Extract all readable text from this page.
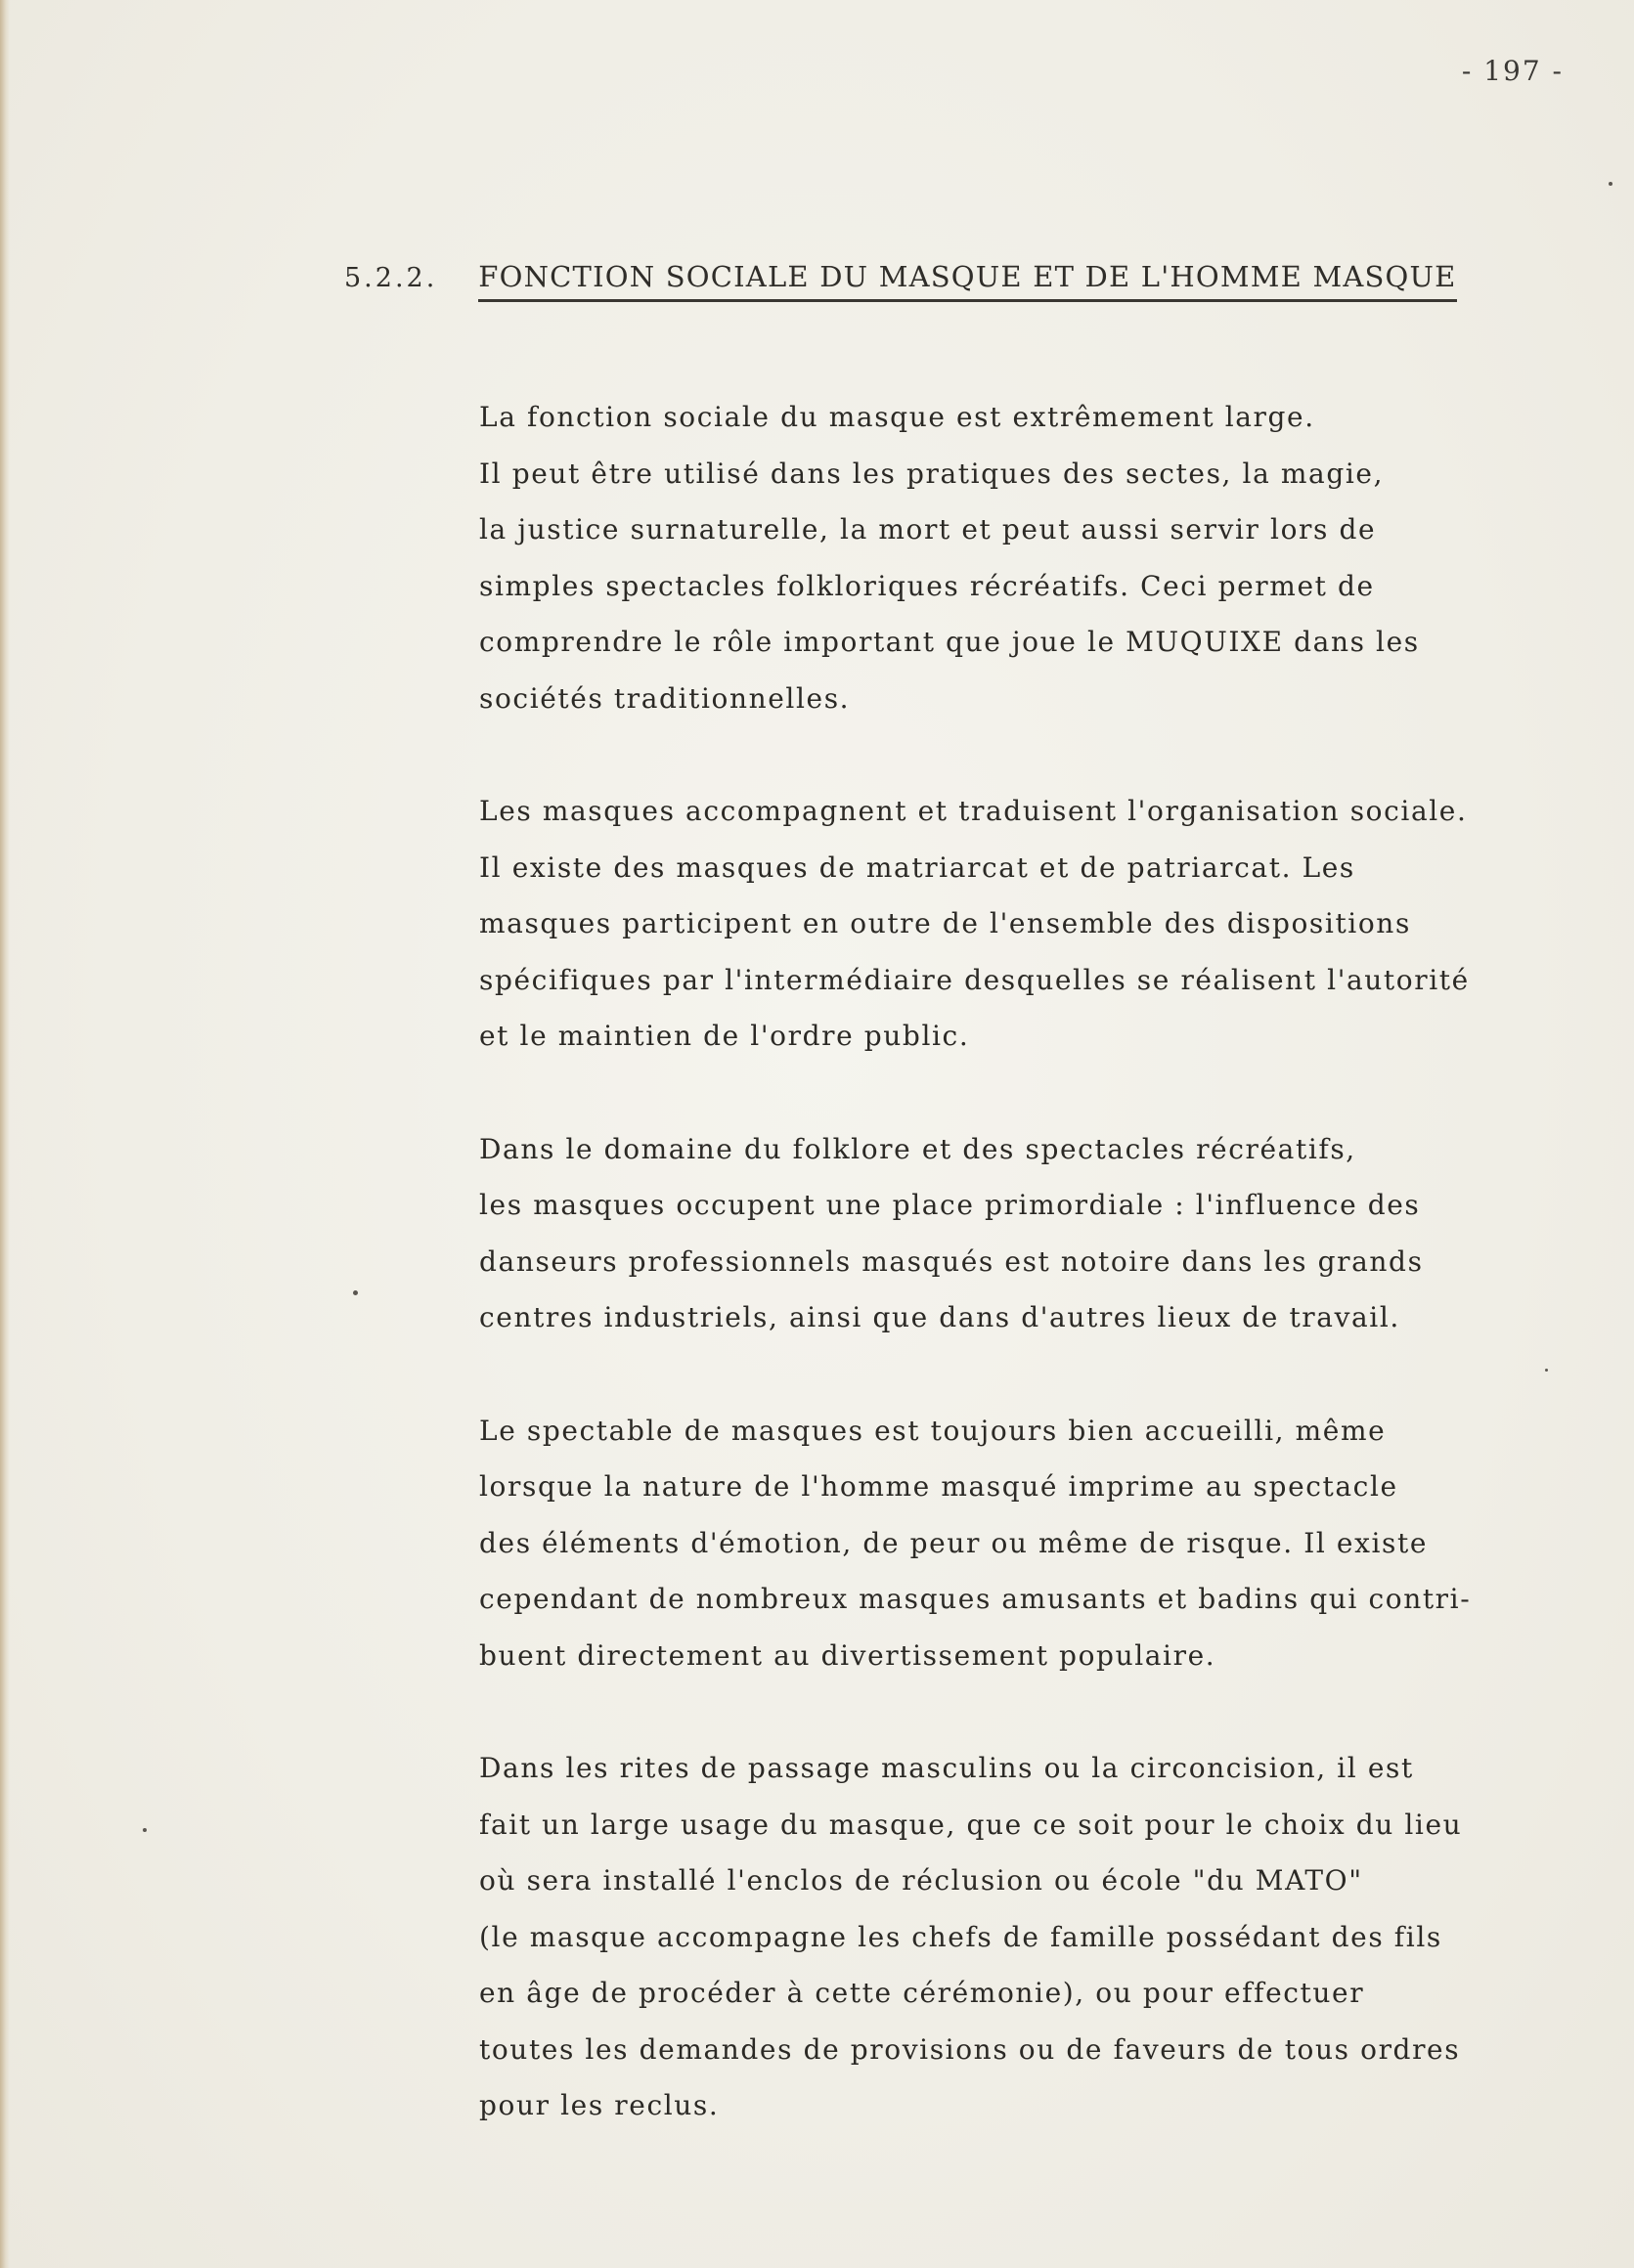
- 197 -
5.2.2. FONCTION SOCIALE DU MASQUE ET DE L'HOMME MASQUE
La fonction sociale du masque est extrêmement large.
Il peut être utilisé dans les pratiques des sectes, la magie,
la justice surnaturelle, la mort et peut aussi servir lors de
simples spectacles folkloriques récréatifs. Ceci permet de
comprendre le rôle important que joue le MUQUIXE dans les
sociétés traditionnelles.
Les masques accompagnent et traduisent l'organisation sociale.
Il existe des masques de matriarcat et de patriarcat. Les
masques participent en outre de l'ensemble des dispositions
spécifiques par l'intermédiaire desquelles se réalisent l'autorité
et le maintien de l'ordre public.
Dans le domaine du folklore et des spectacles récréatifs,
les masques occupent une place primordiale : l'influence des
danseurs professionnels masqués est notoire dans les grands
centres industriels, ainsi que dans d'autres lieux de travail.
Le spectable de masques est toujours bien accueilli, même
lorsque la nature de l'homme masqué imprime au spectacle
des éléments d'émotion, de peur ou même de risque. Il existe
cependant de nombreux masques amusants et badins qui contri-
buent directement au divertissement populaire.
Dans les rites de passage masculins ou la circoncision, il est
fait un large usage du masque, que ce soit pour le choix du lieu
où sera installé l'enclos de réclusion ou école "du MATO"
(le masque accompagne les chefs de famille possédant des fils
en âge de procéder à cette cérémonie), ou pour effectuer
toutes les demandes de provisions ou de faveurs de tous ordres
pour les reclus.
